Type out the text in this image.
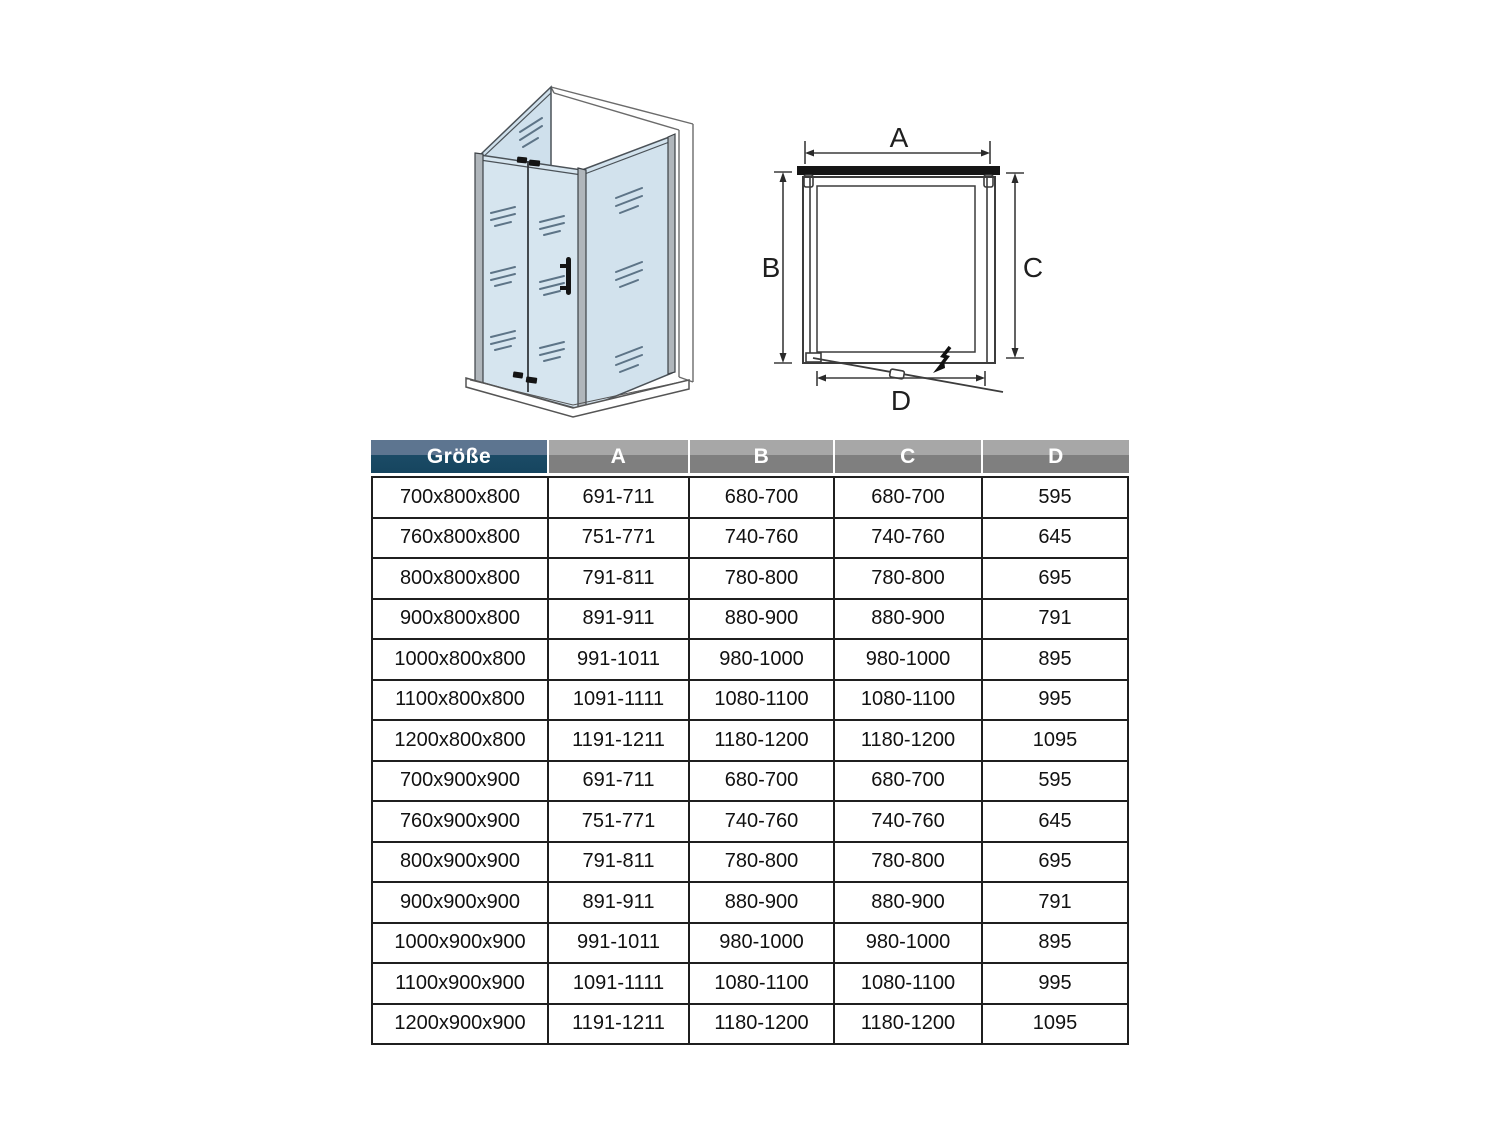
A
B	C
D
Größe	A	B	C	D
700x800x800	691-711	680-700	680-700	595
760x800x800	751-771	740-760	740-760	645
800x800x800	791-811	780-800	780-800	695
900x800x800	891-911	880-900	880-900	791
1000x800x800	991-1011	980-1000	980-1000	895
1100x800x800	1091-1111	1080-1100	1080-1100	995
1200x800x800	1191-1211	1180-1200	1180-1200	1095
700x900x900	691-711	680-700	680-700	595
760x900x900	751-771	740-760	740-760	645
800x900x900	791-811	780-800	780-800	695
900x900x900	891-911	880-900	880-900	791
1000x900x900	991-1011	980-1000	980-1000	895
1100x900x900	1091-1111	1080-1100	1080-1100	995
1200x900x900	1191-1211	1180-1200	1180-1200	1095
